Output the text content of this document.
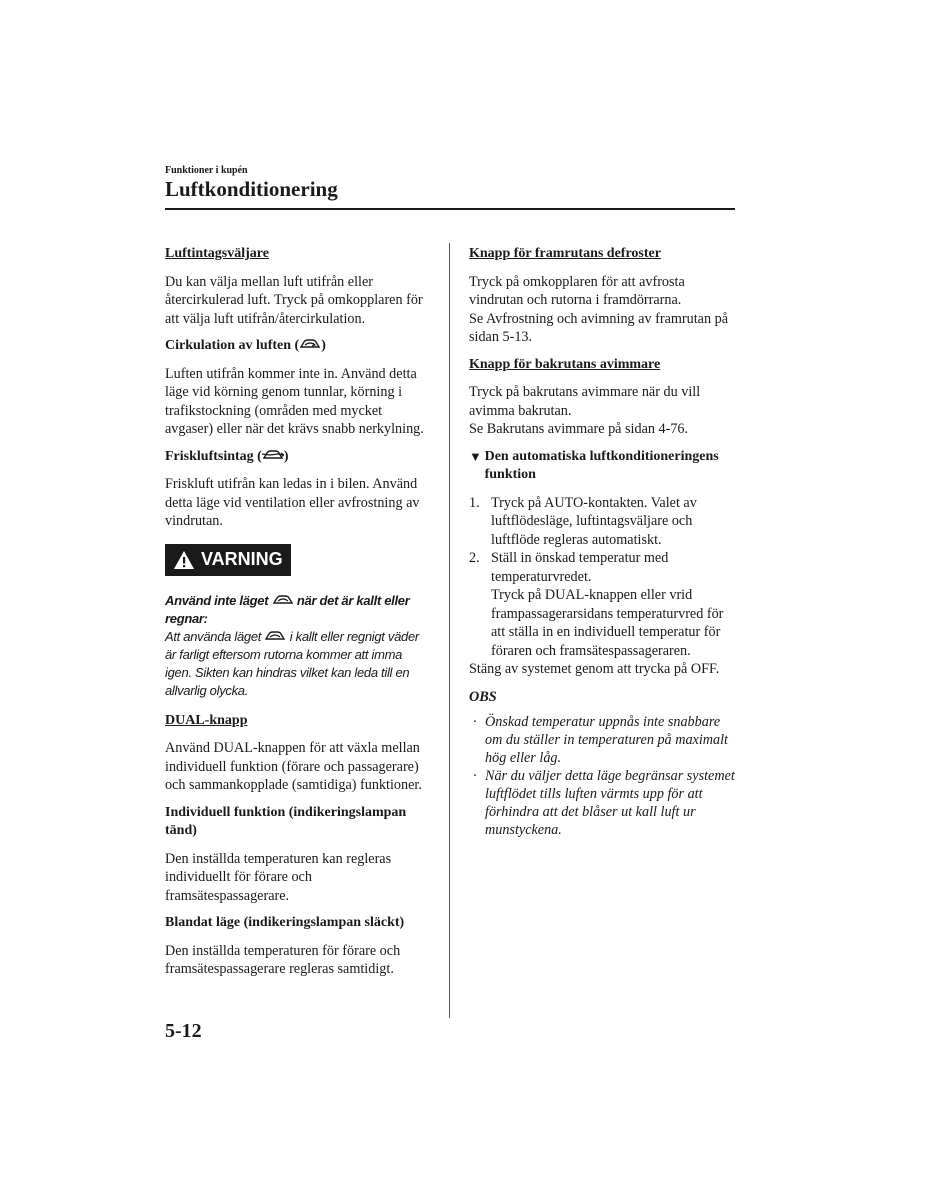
Funktioner i kupén
Luftkonditionering

Luftintagsväljare

Du kan välja mellan luft utifrån eller återcirkulerad luft. Tryck på omkopplaren för att välja luft utifrån/återcirkulation.

Cirkulation av luften ( )

Luften utifrån kommer inte in. Använd detta läge vid körning genom tunnlar, körning i trafikstockning (områden med mycket avgaser) eller när det krävs snabb nerkylning.

Friskluftsintag ( )

Friskluft utifrån kan ledas in i bilen. Använd detta läge vid ventilation eller avfrostning av vindrutan.

VARNING

Använd inte läget
när det är kallt eller regnar:

Att använda läget
i kallt eller regnigt väder är farligt eftersom rutorna kommer att imma igen. Sikten kan hindras vilket kan leda till en allvarlig olycka.

DUAL-knapp

Använd DUAL-knappen för att växla mellan individuell funktion (förare och passagerare) och sammankopplade (samtidiga) funktioner.

Individuell funktion (indikeringslampan tänd)

Den inställda temperaturen kan regleras individuellt för förare och framsätespassagerare.

Blandat läge (indikeringslampan släckt)

Den inställda temperaturen för förare och framsätespassagerare regleras samtidigt.

Knapp för framrutans defroster

Tryck på omkopplaren för att avfrosta vindrutan och rutorna i framdörrarna.
Se Avfrostning och avimning av framrutan på sidan 5-13.

Knapp för bakrutans avimmare

Tryck på bakrutans avimmare när du vill avimma bakrutan.
Se Bakrutans avimmare på sidan 4-76.

▼ Den automatiska luftkonditioneringens funktion
1. Tryck på AUTO-kontakten. Valet av luftflödesläge, luftintagsväljare och luftflöde regleras automatiskt.
2. Ställ in önskad temperatur med temperaturvredet.
Tryck på DUAL-knappen eller vrid frampassagerarsidans temperaturvred för att ställa in en individuell temperatur för föraren och framsätespassageraren.

Stäng av systemet genom att trycka på OFF.

OBS

· Önskad temperatur uppnås inte snabbare om du ställer in temperaturen på maximalt hög eller låg.

· När du väljer detta läge begränsar systemet luftflödet tills luften värmts upp för att förhindra att det blåser ut kall luft ur munstyckena.

5-12
